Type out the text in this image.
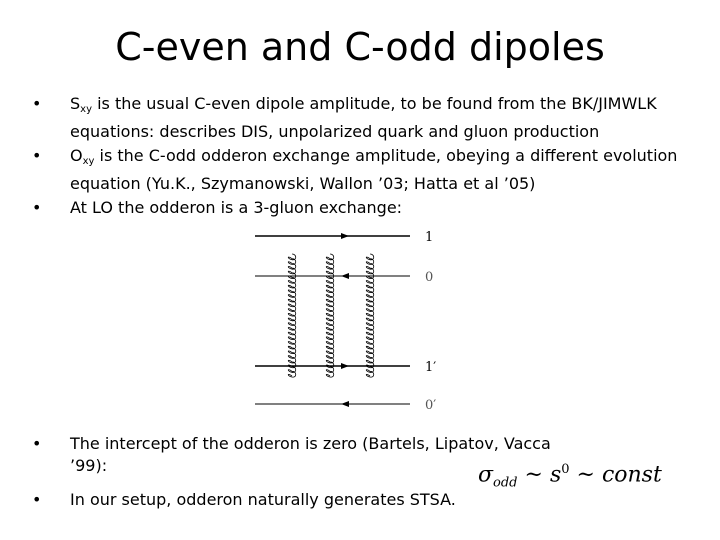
C-even and C-odd dipoles
•	$S_{xy}$ is the usual C-even dipole amplitude, to be found from the BK/JIMWLK equations: describes DIS, unpolarized quark and gluon production
•	$O_{xy}$ is the C-odd odderon exchange amplitude, obeying a different evolution equation (Yu.K., Szymanowski, Wallon ’03; Hatta et al ’05)
•	At LO the odderon is a 3-gluon exchange:
1
0
1′
0′
•	The intercept of the odderon is zero (Bartels, Lipatov, Vacca ’99):
•	In our setup, odderon naturally generates STSA.
$\sigma_{odd}$ ~ $s^0$ ~ const
